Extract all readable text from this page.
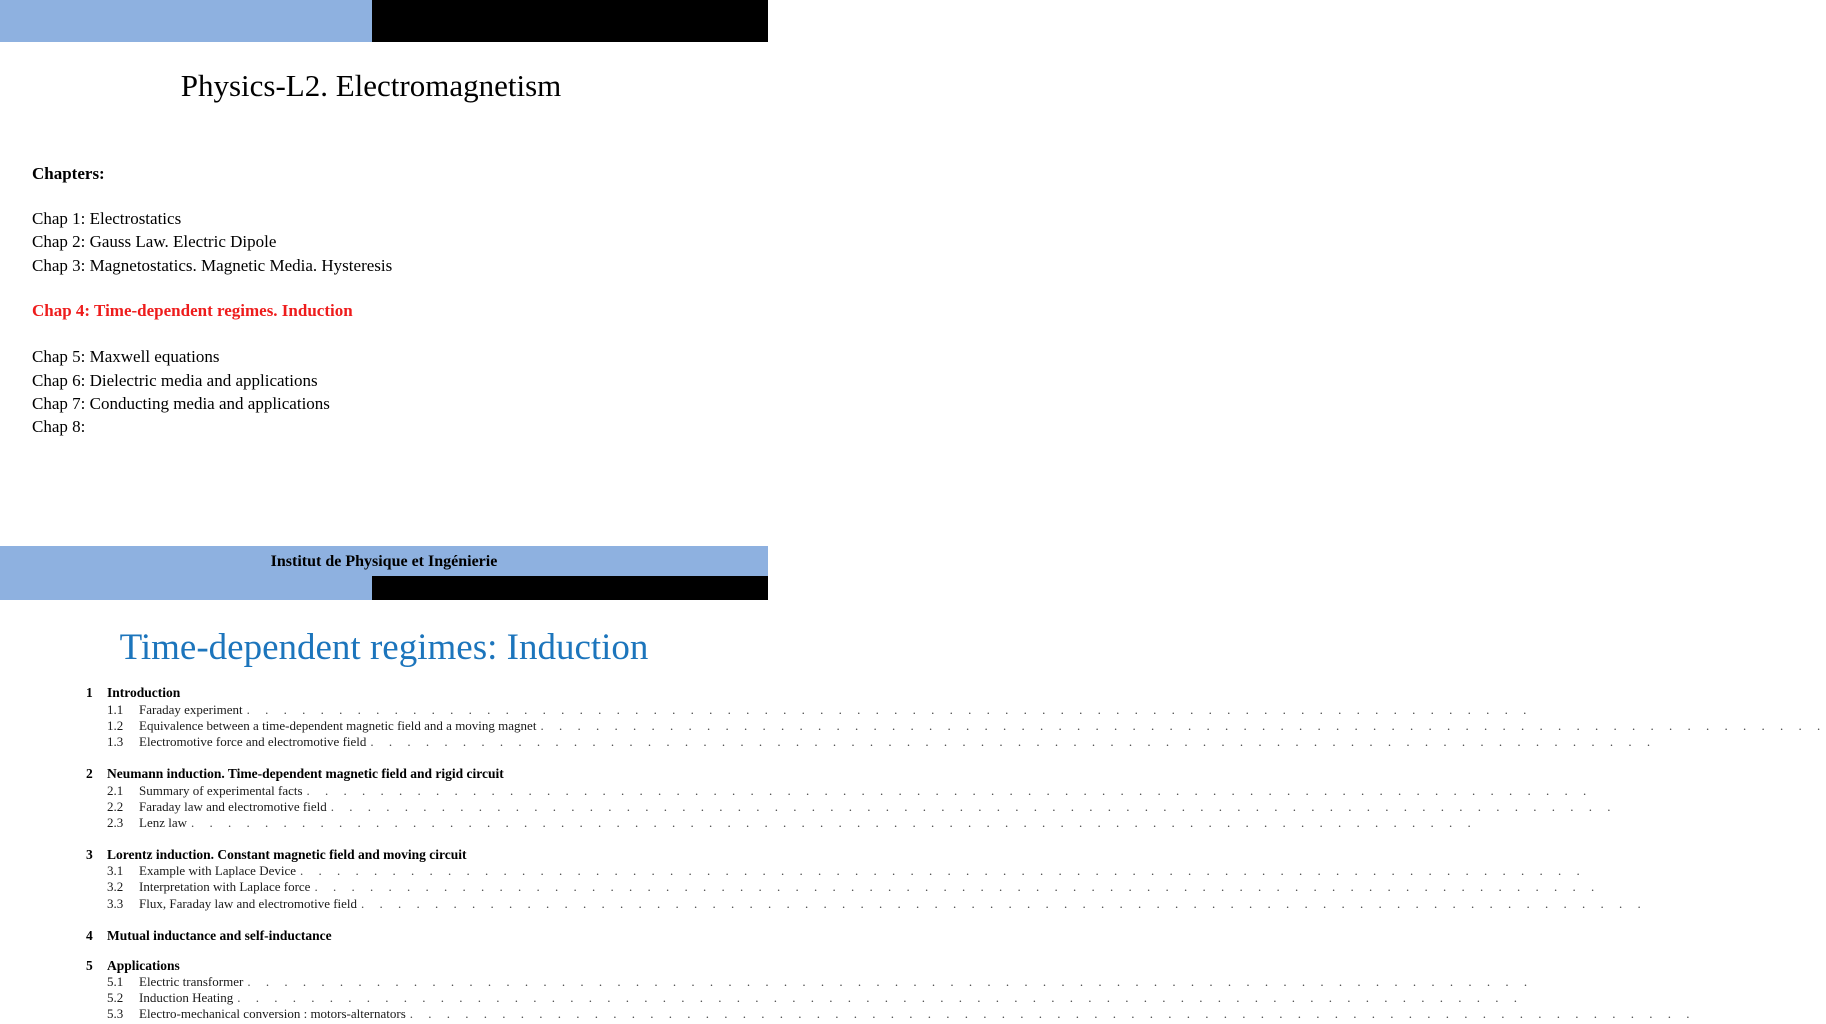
Physics-L2. Electromagnetism
Chapters:
Chap 1: Electrostatics
Chap 2: Gauss Law. Electric Dipole
Chap 3: Magnetostatics. Magnetic Media. Hysteresis
Chap 4: Time-dependent regimes. Induction
Chap 5: Maxwell equations
Chap 6: Dielectric media and applications
Chap 7: Conducting media and applications
Chap 8:
Institut de Physique et Ingénierie
Time-dependent regimes: Induction
1 Introduction
1.1	Faraday experiment . . . . . . . . . . . . . . . . . . . . . . . . . . . . . . . . . . . . . . . . . . . . . . . . . . . . . . . . . . . . . . . . . . . . . .
1.2	Equivalence between a time-dependent magnetic field and a moving magnet . . . . . . . . . . . . . . . . . . . . . . . . . . . . . . . . . . . . . . . . . . . . . . . . . . . . . . . . . . . . . . . . . . . . . .
1.3	Electromotive force and electromotive field . . . . . . . . . . . . . . . . . . . . . . . . . . . . . . . . . . . . . . . . . . . . . . . . . . . . . . . . . . . . . . . . . . . . . .
2 Neumann induction. Time-dependent magnetic field and rigid circuit
2.1	Summary of experimental facts . . . . . . . . . . . . . . . . . . . . . . . . . . . . . . . . . . . . . . . . . . . . . . . . . . . . . . . . . . . . . . . . . . . . . .
2.2	Faraday law and electromotive field . . . . . . . . . . . . . . . . . . . . . . . . . . . . . . . . . . . . . . . . . . . . . . . . . . . . . . . . . . . . . . . . . . . . . .
2.3	Lenz law . . . . . . . . . . . . . . . . . . . . . . . . . . . . . . . . . . . . . . . . . . . . . . . . . . . . . . . . . . . . . . . . . . . . . .
3 Lorentz induction. Constant magnetic field and moving circuit
3.1	Example with Laplace Device . . . . . . . . . . . . . . . . . . . . . . . . . . . . . . . . . . . . . . . . . . . . . . . . . . . . . . . . . . . . . . . . . . . . . .
3.2	Interpretation with Laplace force . . . . . . . . . . . . . . . . . . . . . . . . . . . . . . . . . . . . . . . . . . . . . . . . . . . . . . . . . . . . . . . . . . . . . .
3.3	Flux, Faraday law and electromotive field . . . . . . . . . . . . . . . . . . . . . . . . . . . . . . . . . . . . . . . . . . . . . . . . . . . . . . . . . . . . . . . . . . . . . .
4 Mutual inductance and self-inductance
5 Applications
5.1	Electric transformer . . . . . . . . . . . . . . . . . . . . . . . . . . . . . . . . . . . . . . . . . . . . . . . . . . . . . . . . . . . . . . . . . . . . . .
5.2	Induction Heating . . . . . . . . . . . . . . . . . . . . . . . . . . . . . . . . . . . . . . . . . . . . . . . . . . . . . . . . . . . . . . . . . . . . . .
5.3	Electro-mechanical conversion : motors-alternators . . . . . . . . . . . . . . . . . . . . . . . . . . . . . . . . . . . . . . . . . . . . . . . . . . . . . . . . . . . . . . . . . . . . . .
